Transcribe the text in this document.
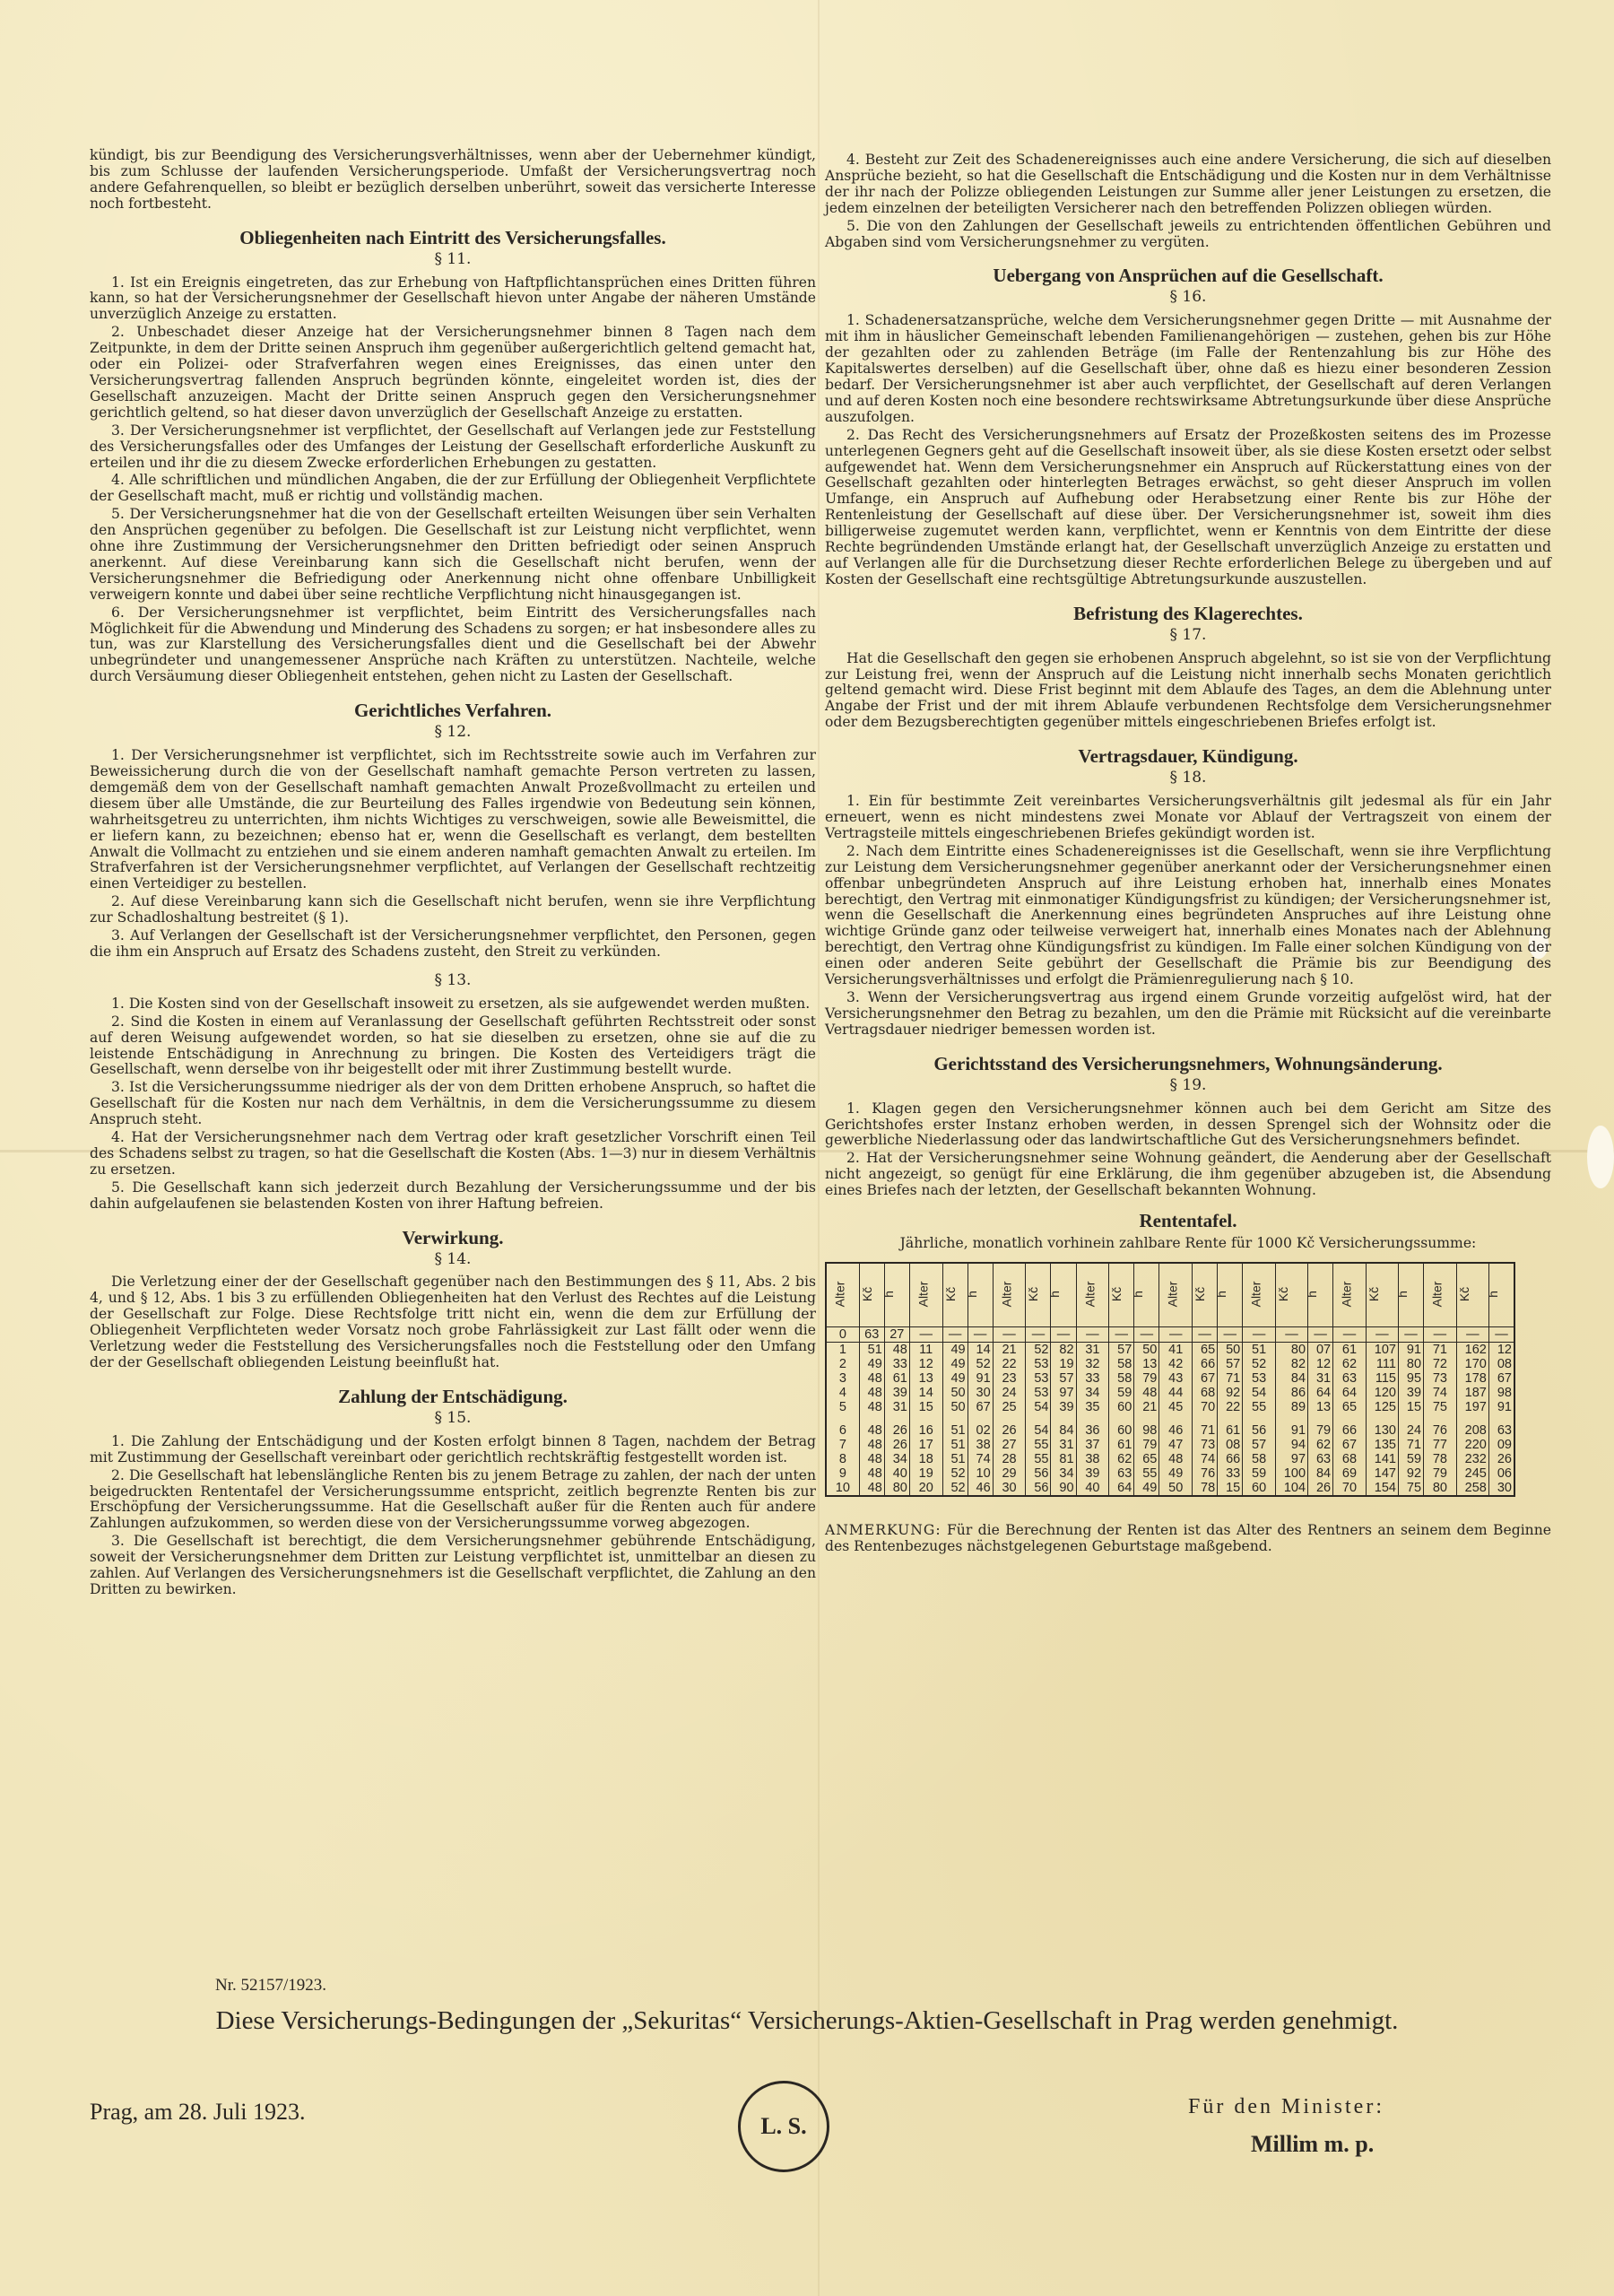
kündigt, bis zur Beendigung des Versicherungsverhältnisses, wenn aber der Uebernehmer kündigt, bis zum Schlusse der laufenden Versicherungsperiode. Umfaßt der Versicherungsvertrag noch andere Gefahrenquellen, so bleibt er bezüglich derselben unberührt, soweit das versicherte Interesse noch fortbesteht.

Obliegenheiten nach Eintritt des Versicherungsfalles.
§ 11.

1. Ist ein Ereignis eingetreten, das zur Erhebung von Haftpflichtansprüchen eines Dritten führen kann, so hat der Versicherungsnehmer der Gesellschaft hievon unter Angabe der näheren Umstände unverzüglich Anzeige zu erstatten.

2. Unbeschadet dieser Anzeige hat der Versicherungsnehmer binnen 8 Tagen nach dem Zeitpunkte, in dem der Dritte seinen Anspruch ihm gegenüber außergerichtlich geltend gemacht hat, oder ein Polizei- oder Strafverfahren wegen eines Ereignisses, das einen unter den Versicherungsvertrag fallenden Anspruch begründen könnte, eingeleitet worden ist, dies der Gesellschaft anzuzeigen. Macht der Dritte seinen Anspruch gegen den Versicherungsnehmer gerichtlich geltend, so hat dieser davon unverzüglich der Gesellschaft Anzeige zu erstatten.

3. Der Versicherungsnehmer ist verpflichtet, der Gesellschaft auf Verlangen jede zur Feststellung des Versicherungsfalles oder des Umfanges der Leistung der Gesellschaft erforderliche Auskunft zu erteilen und ihr die zu diesem Zwecke erforderlichen Erhebungen zu gestatten.

4. Alle schriftlichen und mündlichen Angaben, die der zur Erfüllung der Obliegenheit Verpflichtete der Gesellschaft macht, muß er richtig und vollständig machen.

5. Der Versicherungsnehmer hat die von der Gesellschaft erteilten Weisungen über sein Verhalten den Ansprüchen gegenüber zu befolgen. Die Gesellschaft ist zur Leistung nicht verpflichtet, wenn ohne ihre Zustimmung der Versicherungsnehmer den Dritten befriedigt oder seinen Anspruch anerkennt. Auf diese Vereinbarung kann sich die Gesellschaft nicht berufen, wenn der Versicherungsnehmer die Befriedigung oder Anerkennung nicht ohne offenbare Unbilligkeit verweigern konnte und dabei über seine rechtliche Verpflichtung nicht hinausgegangen ist.

6. Der Versicherungsnehmer ist verpflichtet, beim Eintritt des Versicherungsfalles nach Möglichkeit für die Abwendung und Minderung des Schadens zu sorgen; er hat insbesondere alles zu tun, was zur Klarstellung des Versicherungsfalles dient und die Gesellschaft bei der Abwehr unbegründeter und unangemessener Ansprüche nach Kräften zu unterstützen. Nachteile, welche durch Versäumung dieser Obliegenheit entstehen, gehen nicht zu Lasten der Gesellschaft.

Gerichtliches Verfahren.
§ 12.

1. Der Versicherungsnehmer ist verpflichtet, sich im Rechtsstreite sowie auch im Verfahren zur Beweissicherung durch die von der Gesellschaft namhaft gemachte Person vertreten zu lassen, demgemäß dem von der Gesellschaft namhaft gemachten Anwalt Prozeßvollmacht zu erteilen und diesem über alle Umstände, die zur Beurteilung des Falles irgendwie von Bedeutung sein können, wahrheitsgetreu zu unterrichten, ihm nichts Wichtiges zu verschweigen, sowie alle Beweismittel, die er liefern kann, zu bezeichnen; ebenso hat er, wenn die Gesellschaft es verlangt, dem bestellten Anwalt die Vollmacht zu entziehen und sie einem anderen namhaft gemachten Anwalt zu erteilen. Im Strafverfahren ist der Versicherungsnehmer verpflichtet, auf Verlangen der Gesellschaft rechtzeitig einen Verteidiger zu bestellen.

2. Auf diese Vereinbarung kann sich die Gesellschaft nicht berufen, wenn sie ihre Verpflichtung zur Schadloshaltung bestreitet (§ 1).

3. Auf Verlangen der Gesellschaft ist der Versicherungsnehmer verpflichtet, den Personen, gegen die ihm ein Anspruch auf Ersatz des Schadens zusteht, den Streit zu verkünden.

§ 13.

1. Die Kosten sind von der Gesellschaft insoweit zu ersetzen, als sie aufgewendet werden mußten.

2. Sind die Kosten in einem auf Veranlassung der Gesellschaft geführten Rechtsstreit oder sonst auf deren Weisung aufgewendet worden, so hat sie dieselben zu ersetzen, ohne sie auf die zu leistende Entschädigung in Anrechnung zu bringen. Die Kosten des Verteidigers trägt die Gesellschaft, wenn derselbe von ihr beigestellt oder mit ihrer Zustimmung bestellt wurde.

3. Ist die Versicherungssumme niedriger als der von dem Dritten erhobene Anspruch, so haftet die Gesellschaft für die Kosten nur nach dem Verhältnis, in dem die Versicherungssumme zu diesem Anspruch steht.

4. Hat der Versicherungsnehmer nach dem Vertrag oder kraft gesetzlicher Vorschrift einen Teil des Schadens selbst zu tragen, so hat die Gesellschaft die Kosten (Abs. 1—3) nur in diesem Verhältnis zu ersetzen.

5. Die Gesellschaft kann sich jederzeit durch Bezahlung der Versicherungssumme und der bis dahin aufgelaufenen sie belastenden Kosten von ihrer Haftung befreien.

Verwirkung.
§ 14.

Die Verletzung einer der der Gesellschaft gegenüber nach den Bestimmungen des § 11, Abs. 2 bis 4, und § 12, Abs. 1 bis 3 zu erfüllenden Obliegenheiten hat den Verlust des Rechtes auf die Leistung der Gesellschaft zur Folge. Diese Rechtsfolge tritt nicht ein, wenn die dem zur Erfüllung der Obliegenheit Verpflichteten weder Vorsatz noch grobe Fahrlässigkeit zur Last fällt oder wenn die Verletzung weder die Feststellung des Versicherungsfalles noch die Feststellung oder den Umfang der der Gesellschaft obliegenden Leistung beeinflußt hat.

Zahlung der Entschädigung.
§ 15.

1. Die Zahlung der Entschädigung und der Kosten erfolgt binnen 8 Tagen, nachdem der Betrag mit Zustimmung der Gesellschaft vereinbart oder gerichtlich rechtskräftig festgestellt worden ist.

2. Die Gesellschaft hat lebenslängliche Renten bis zu jenem Betrage zu zahlen, der nach der unten beigedruckten Rententafel der Versicherungssumme entspricht, zeitlich begrenzte Renten bis zur Erschöpfung der Versicherungssumme. Hat die Gesellschaft außer für die Renten auch für andere Zahlungen aufzukommen, so werden diese von der Versicherungssumme vorweg abgezogen.

3. Die Gesellschaft ist berechtigt, die dem Versicherungsnehmer gebührende Entschädigung, soweit der Versicherungsnehmer dem Dritten zur Leistung verpflichtet ist, unmittelbar an diesen zu zahlen. Auf Verlangen des Versicherungsnehmers ist die Gesellschaft verpflichtet, die Zahlung an den Dritten zu bewirken.

4. Besteht zur Zeit des Schadenereignisses auch eine andere Versicherung, die sich auf dieselben Ansprüche bezieht, so hat die Gesellschaft die Entschädigung und die Kosten nur in dem Verhältnisse der ihr nach der Polizze obliegenden Leistungen zur Summe aller jener Leistungen zu ersetzen, die jedem einzelnen der beteiligten Versicherer nach den betreffenden Polizzen obliegen würden.

5. Die von den Zahlungen der Gesellschaft jeweils zu entrichtenden öffentlichen Gebühren und Abgaben sind vom Versicherungsnehmer zu vergüten.

Uebergang von Ansprüchen auf die Gesellschaft.
§ 16.

1. Schadenersatzansprüche, welche dem Versicherungsnehmer gegen Dritte — mit Ausnahme der mit ihm in häuslicher Gemeinschaft lebenden Familienangehörigen — zustehen, gehen bis zur Höhe der gezahlten oder zu zahlenden Beträge (im Falle der Rentenzahlung bis zur Höhe des Kapitalswertes derselben) auf die Gesellschaft über, ohne daß es hiezu einer besonderen Zession bedarf. Der Versicherungsnehmer ist aber auch verpflichtet, der Gesellschaft auf deren Verlangen und auf deren Kosten noch eine besondere rechtswirksame Abtretungsurkunde über diese Ansprüche auszufolgen.

2. Das Recht des Versicherungsnehmers auf Ersatz der Prozeßkosten seitens des im Prozesse unterlegenen Gegners geht auf die Gesellschaft insoweit über, als sie diese Kosten ersetzt oder selbst aufgewendet hat. Wenn dem Versicherungsnehmer ein Anspruch auf Rückerstattung eines von der Gesellschaft gezahlten oder hinterlegten Betrages erwächst, so geht dieser Anspruch im vollen Umfange, ein Anspruch auf Aufhebung oder Herabsetzung einer Rente bis zur Höhe der Rentenleistung der Gesellschaft auf diese über. Der Versicherungsnehmer ist, soweit ihm dies billigerweise zugemutet werden kann, verpflichtet, wenn er Kenntnis von dem Eintritte der diese Rechte begründenden Umstände erlangt hat, der Gesellschaft unverzüglich Anzeige zu erstatten und auf Verlangen alle für die Durchsetzung dieser Rechte erforderlichen Belege zu übergeben und auf Kosten der Gesellschaft eine rechtsgültige Abtretungsurkunde auszustellen.

Befristung des Klagerechtes.
§ 17.

Hat die Gesellschaft den gegen sie erhobenen Anspruch abgelehnt, so ist sie von der Verpflichtung zur Leistung frei, wenn der Anspruch auf die Leistung nicht innerhalb sechs Monaten gerichtlich geltend gemacht wird. Diese Frist beginnt mit dem Ablaufe des Tages, an dem die Ablehnung unter Angabe der Frist und der mit ihrem Ablaufe verbundenen Rechtsfolge dem Versicherungsnehmer oder dem Bezugsberechtigten gegenüber mittels eingeschriebenen Briefes erfolgt ist.

Vertragsdauer, Kündigung.
§ 18.

1. Ein für bestimmte Zeit vereinbartes Versicherungsverhältnis gilt jedesmal als für ein Jahr erneuert, wenn es nicht mindestens zwei Monate vor Ablauf der Vertragszeit von einem der Vertragsteile mittels eingeschriebenen Briefes gekündigt worden ist.

2. Nach dem Eintritte eines Schadenereignisses ist die Gesellschaft, wenn sie ihre Verpflichtung zur Leistung dem Versicherungsnehmer gegenüber anerkannt oder der Versicherungsnehmer einen offenbar unbegründeten Anspruch auf ihre Leistung erhoben hat, innerhalb eines Monates berechtigt, den Vertrag mit einmonatiger Kündigungsfrist zu kündigen; der Versicherungsnehmer ist, wenn die Gesellschaft die Anerkennung eines begründeten Anspruches auf ihre Leistung ohne wichtige Gründe ganz oder teilweise verweigert hat, innerhalb eines Monates nach der Ablehnung berechtigt, den Vertrag ohne Kündigungsfrist zu kündigen. Im Falle einer solchen Kündigung von der einen oder anderen Seite gebührt der Gesellschaft die Prämie bis zur Beendigung des Versicherungsverhältnisses und erfolgt die Prämienregulierung nach § 10.

3. Wenn der Versicherungsvertrag aus irgend einem Grunde vorzeitig aufgelöst wird, hat der Versicherungsnehmer den Betrag zu bezahlen, um den die Prämie mit Rücksicht auf die vereinbarte Vertragsdauer niedriger bemessen worden ist.

Gerichtsstand des Versicherungsnehmers, Wohnungsänderung.
§ 19.

1. Klagen gegen den Versicherungsnehmer können auch bei dem Gericht am Sitze des Gerichtshofes erster Instanz erhoben werden, in dessen Sprengel sich der Wohnsitz oder die gewerbliche Niederlassung oder das landwirtschaftliche Gut des Versicherungsnehmers befindet.

2. Hat der Versicherungsnehmer seine Wohnung geändert, die Aenderung aber der Gesellschaft nicht angezeigt, so genügt für eine Erklärung, die ihm gegenüber abzugeben ist, die Absendung eines Briefes nach der letzten, der Gesellschaft bekannten Wohnung.

Rententafel.
Jährliche, monatlich vorhinein zahlbare Rente für 1000 Kč Versicherungssumme:
Alter	Kč	h	Alter	Kč	h	Alter	Kč	h	Alter	Kč	h	Alter	Kč	h	Alter	Kč	h	Alter	Kč	h	Alter	Kč	h
0	63	27	—	—	—	—	—	—	—	—	—	—	—	—	—	—	—	—	—	—	—	—	—
1	51	48	11	49	14	21	52	82	31	57	50	41	65	50	51	80	07	61	107	91	71	162	12
2	49	33	12	49	52	22	53	19	32	58	13	42	66	57	52	82	12	62	111	80	72	170	08
3	48	61	13	49	91	23	53	57	33	58	79	43	67	71	53	84	31	63	115	95	73	178	67
4	48	39	14	50	30	24	53	97	34	59	48	44	68	92	54	86	64	64	120	39	74	187	98
5	48	31	15	50	67	25	54	39	35	60	21	45	70	22	55	89	13	65	125	15	75	197	91

6	48	26	16	51	02	26	54	84	36	60	98	46	71	61	56	91	79	66	130	24	76	208	63
7	48	26	17	51	38	27	55	31	37	61	79	47	73	08	57	94	62	67	135	71	77	220	09
8	48	34	18	51	74	28	55	81	38	62	65	48	74	66	58	97	63	68	141	59	78	232	26
9	48	40	19	52	10	29	56	34	39	63	55	49	76	33	59	100	84	69	147	92	79	245	06
10	48	80	20	52	46	30	56	90	40	64	49	50	78	15	60	104	26	70	154	75	80	258	30
ANMERKUNG: Für die Berechnung der Renten ist das Alter des Rentners an seinem dem Beginne des Rentenbezuges nächstgelegenen Geburtstage maßgebend.
Nr. 52157/1923.
Diese Versicherungs-Bedingungen der „Sekuritas“ Versicherungs-Aktien-Gesellschaft in Prag werden genehmigt.
Prag, am 28. Juli 1923.
L. S.
Für den Minister:
Millim m. p.
